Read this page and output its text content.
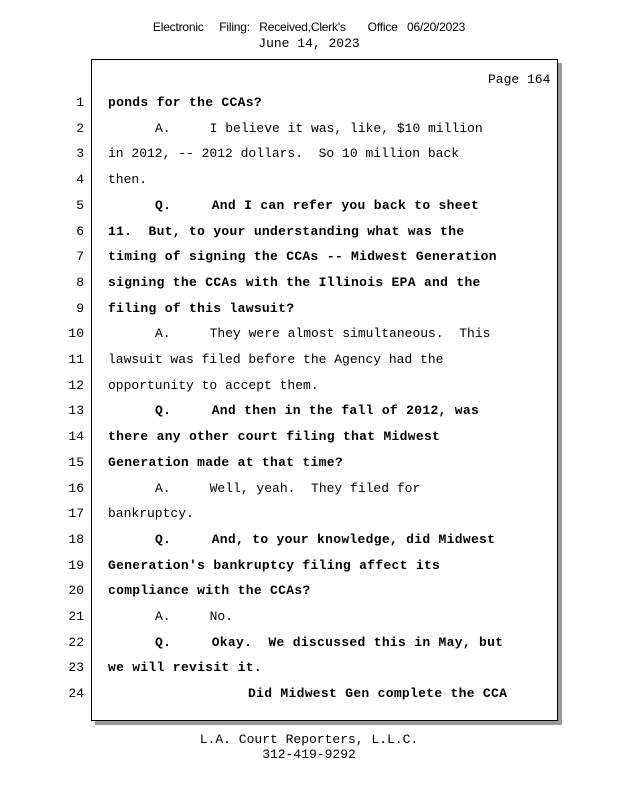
Electronic     Filing:   Received,Clerk's       Office   06/20/2023
June 14, 2023
Page 164
1 ponds for the CCAs?
2	A.     I believe it was, like, $10 million
3 in 2012, -- 2012 dollars.  So 10 million back
4 then.
5	Q.     And I can refer you back to sheet
6 11.  But, to your understanding what was the
7 timing of signing the CCAs -- Midwest Generation
8 signing the CCAs with the Illinois EPA and the
9 filing of this lawsuit?
10	A.     They were almost simultaneous.  This
11 lawsuit was filed before the Agency had the
12 opportunity to accept them.
13	Q.     And then in the fall of 2012, was
14 there any other court filing that Midwest
15 Generation made at that time?
16	A.     Well, yeah.  They filed for
17 bankruptcy.
18	Q.     And, to your knowledge, did Midwest
19 Generation's bankruptcy filing affect its
20 compliance with the CCAs?
21	A.     No.
22	Q.     Okay.  We discussed this in May, but
23 we will revisit it.
24	Did Midwest Gen complete the CCA
L.A. Court Reporters, L.L.C.
312-419-9292
